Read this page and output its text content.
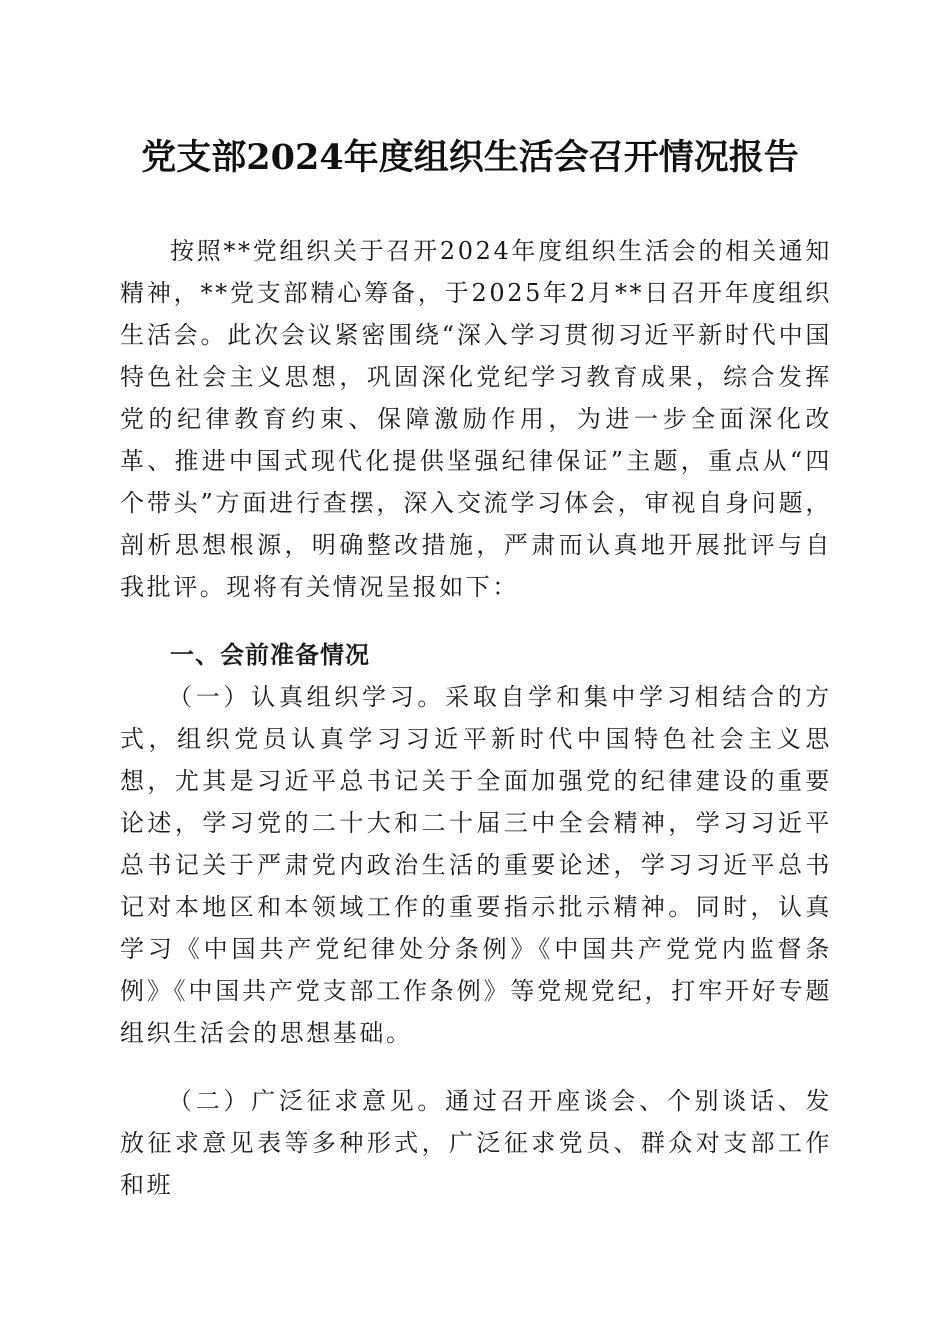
党支部2024年度组织生活会召开情况报告

按照**党组织关于召开2024年度组织生活会的相关通知精神，**党支部精心筹备，于2025年2月**日召开年度组织生活会。此次会议紧密围绕“深入学习贯彻习近平新时代中国特色社会主义思想，巩固深化党纪学习教育成果，综合发挥党的纪律教育约束、保障激励作用，为进一步全面深化改革、推进中国式现代化提供坚强纪律保证”主题，重点从“四个带头”方面进行查摆，深入交流学习体会，审视自身问题，剖析思想根源，明确整改措施，严肃而认真地开展批评与自我批评。现将有关情况呈报如下：

一、会前准备情况

（一）认真组织学习。采取自学和集中学习相结合的方式，组织党员认真学习习近平新时代中国特色社会主义思想，尤其是习近平总书记关于全面加强党的纪律建设的重要论述，学习党的二十大和二十届三中全会精神，学习习近平总书记关于严肃党内政治生活的重要论述，学习习近平总书记对本地区和本领域工作的重要指示批示精神。同时，认真学习《中国共产党纪律处分条例》《中国共产党党内监督条例》《中国共产党支部工作条例》等党规党纪，打牢开好专题组织生活会的思想基础。

（二）广泛征求意见。通过召开座谈会、个别谈话、发放征求意见表等多种形式，广泛征求党员、群众对支部工作和班
